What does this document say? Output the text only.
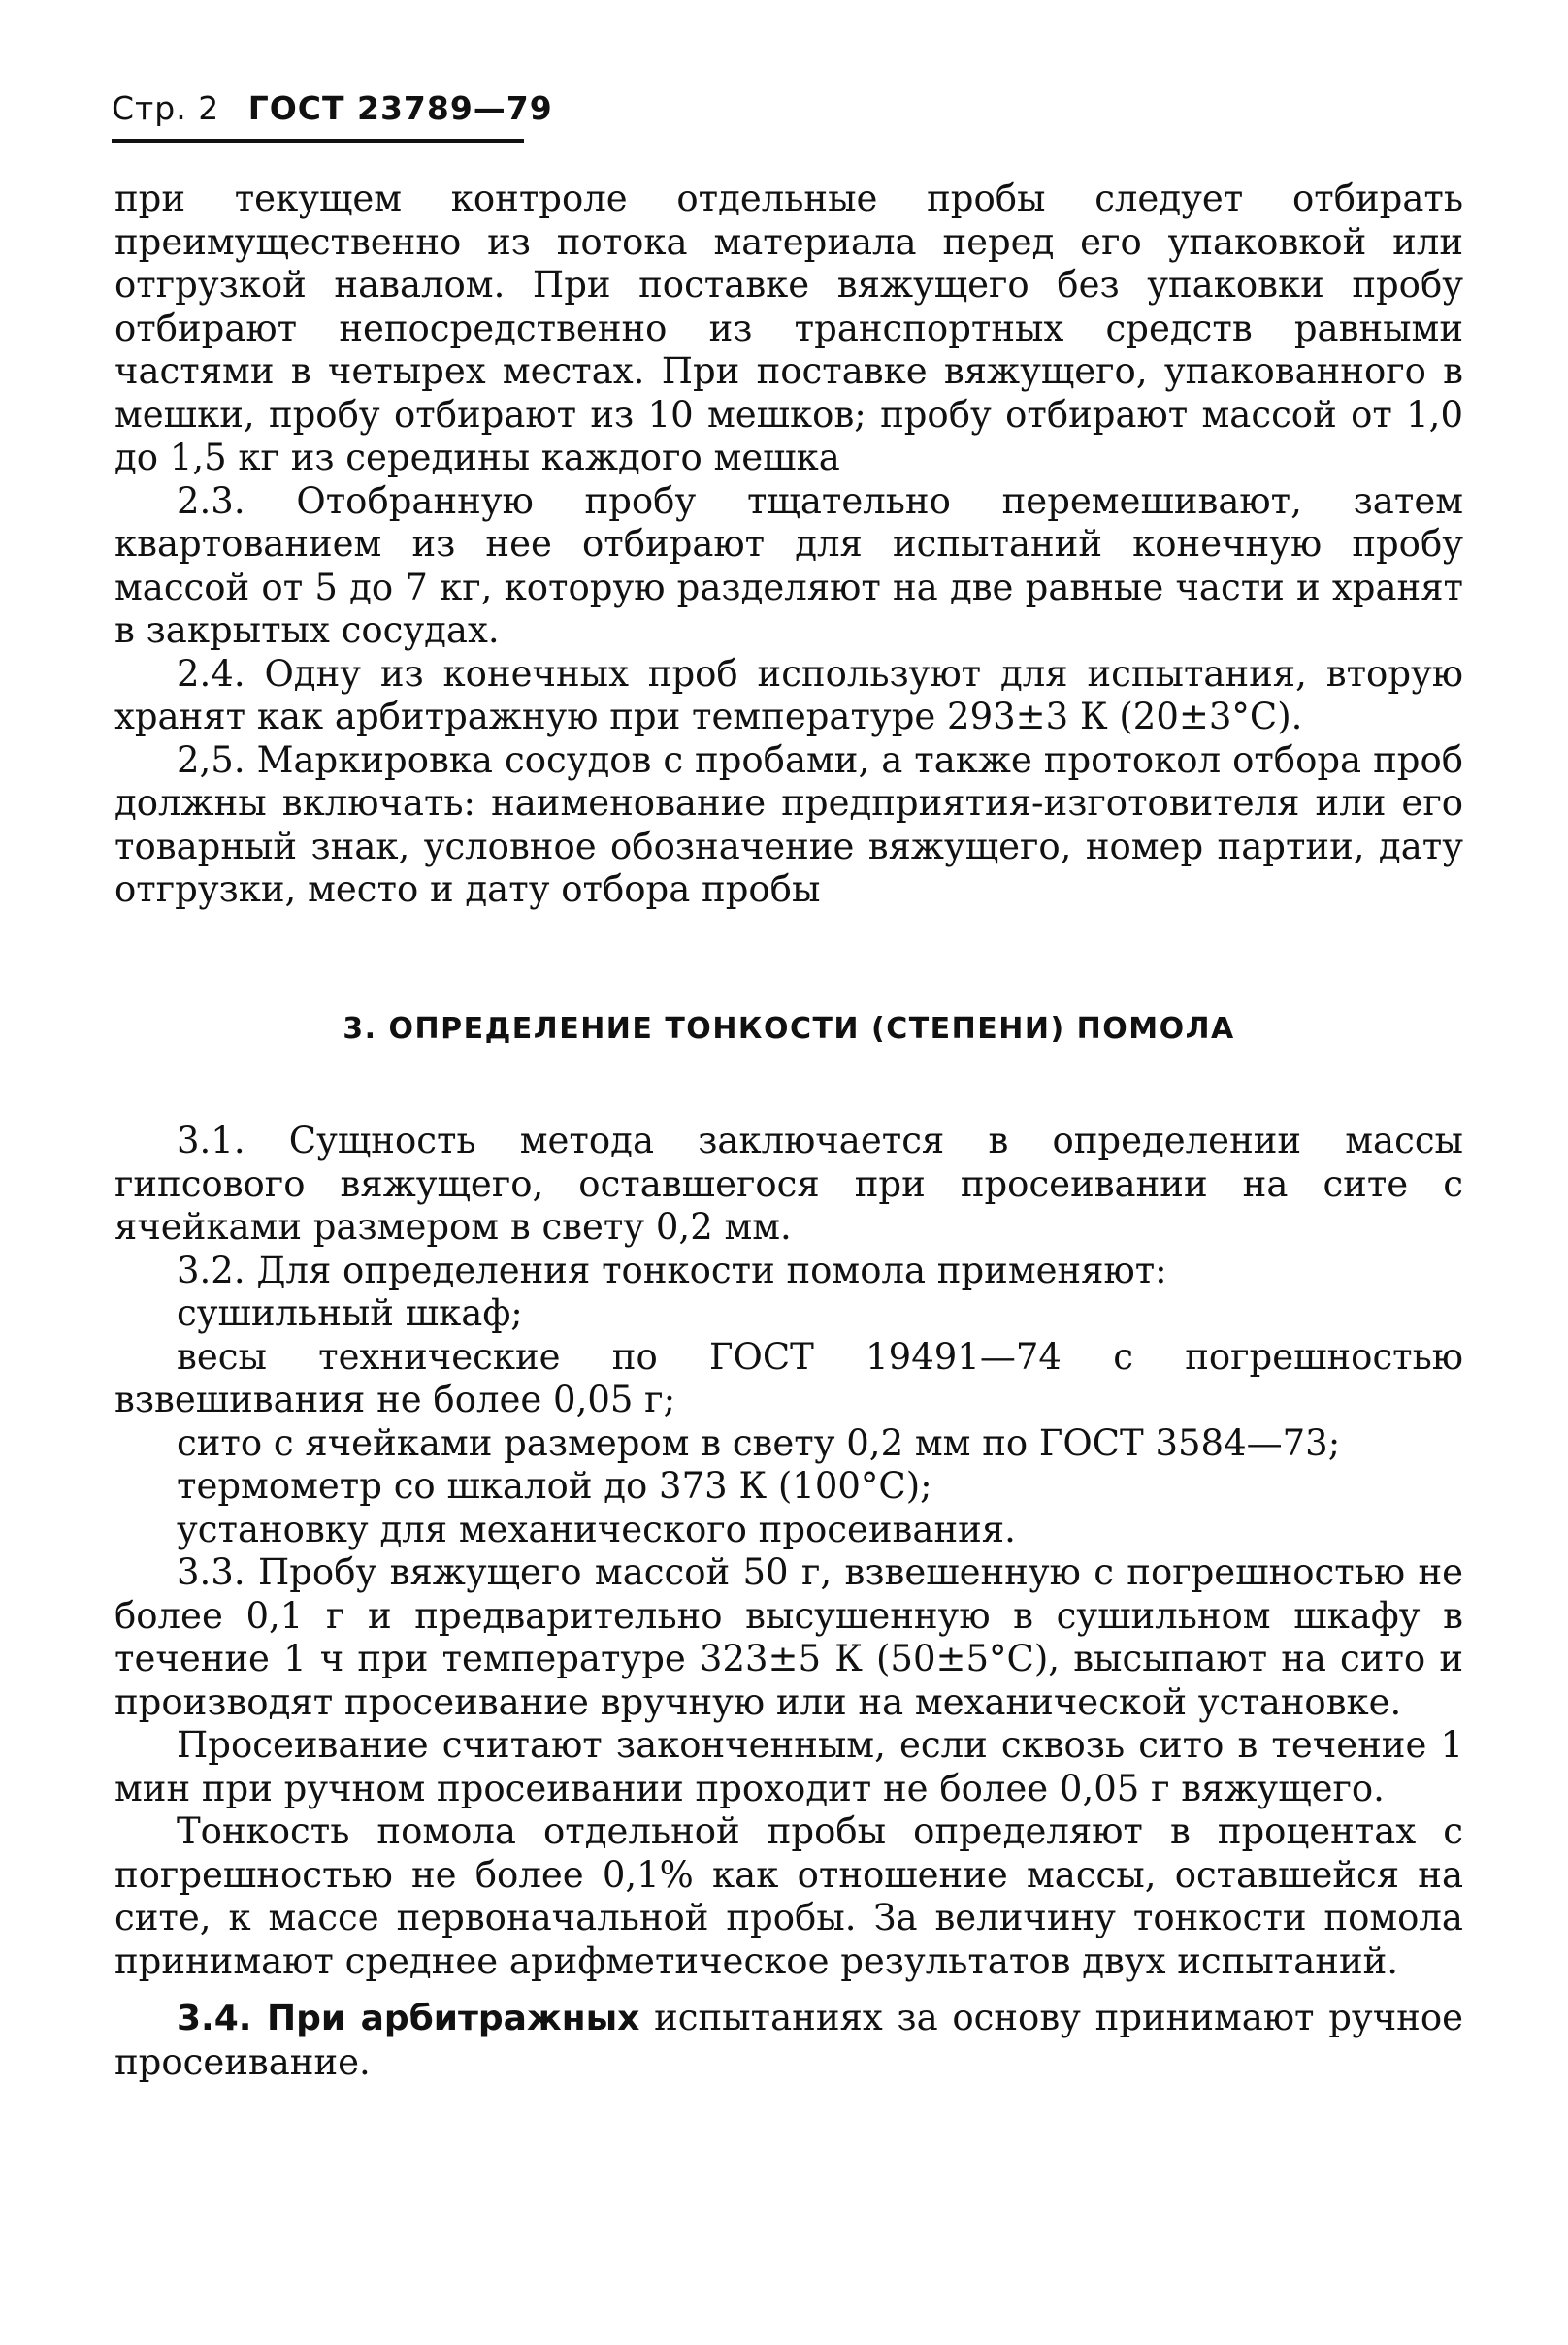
Стр. 2 ГОСТ 23789—79

при текущем контроле отдельные пробы следует отбирать преимущественно из потока материала перед его упаковкой или отгрузкой навалом. При поставке вяжущего без упаковки пробу отбирают непосредственно из транспортных средств равными частями в четырех местах. При поставке вяжущего, упакованного в мешки, пробу отбирают из 10 мешков; пробу отбирают массой от 1,0 до 1,5 кг из середины каждого мешка

2.3. Отобранную пробу тщательно перемешивают, затем квартованием из нее отбирают для испытаний конечную пробу массой от 5 до 7 кг, которую разделяют на две равные части и хранят в закрытых сосудах.

2.4. Одну из конечных проб используют для испытания, вторую хранят как арбитражную при температуре 293±3 К (20±3°С).

2,5. Маркировка сосудов с пробами, а также протокол отбора проб должны включать: наименование предприятия-изготовителя или его товарный знак, условное обозначение вяжущего, номер партии, дату отгрузки, место и дату отбора пробы

3. ОПРЕДЕЛЕНИЕ ТОНКОСТИ (СТЕПЕНИ) ПОМОЛА

3.1. Сущность метода заключается в определении массы гипсового вяжущего, оставшегося при просеивании на сите с ячейками размером в свету 0,2 мм.

3.2. Для определения тонкости помола применяют:

сушильный шкаф;

весы технические по ГОСТ 19491—74 с погрешностью взвешивания не более 0,05 г;

сито с ячейками размером в свету 0,2 мм по ГОСТ 3584—73;

термометр со шкалой до 373 К (100°С);

установку для механического просеивания.

3.3. Пробу вяжущего массой 50 г, взвешенную с погрешностью не более 0,1 г и предварительно высушенную в сушильном шкафу в течение 1 ч при температуре 323±5 К (50±5°С), высыпают на сито и производят просеивание вручную или на механической установке.

Просеивание считают законченным, если сквозь сито в течение 1 мин при ручном просеивании проходит не более 0,05 г вяжущего.

Тонкость помола отдельной пробы определяют в процентах с погрешностью не более 0,1% как отношение массы, оставшейся на сите, к массе первоначальной пробы. За величину тонкости помола принимают среднее арифметическое результатов двух испытаний.

3.4. При арбитражных испытаниях за основу принимают ручное просеивание.
